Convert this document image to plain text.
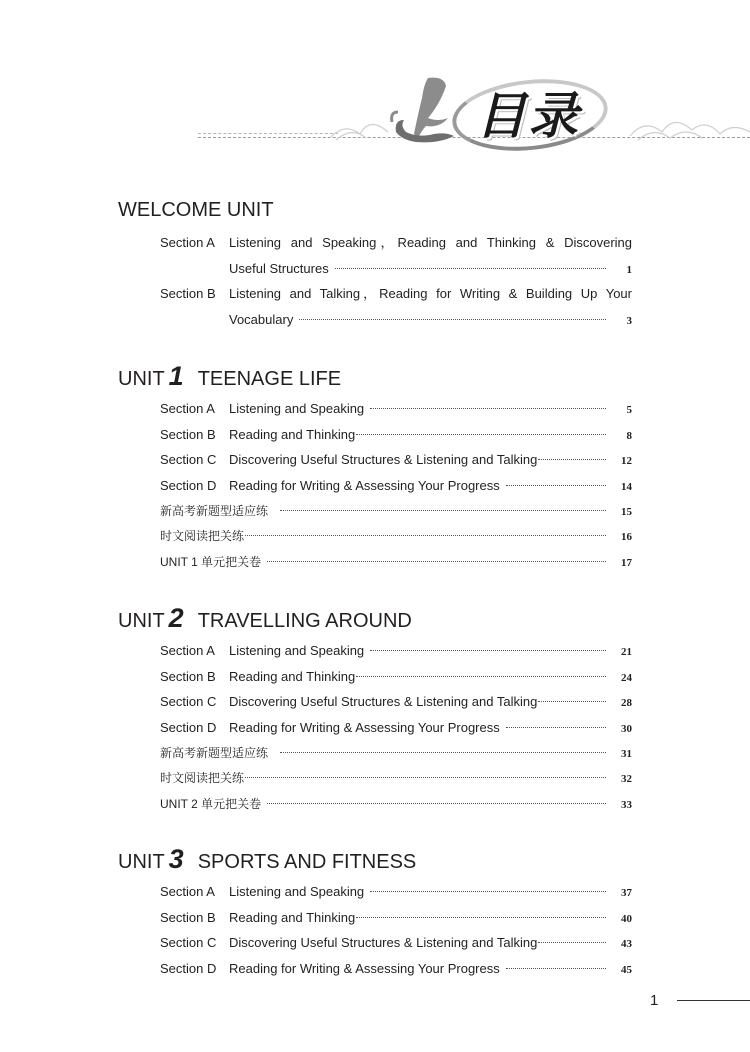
目录
WELCOME UNIT
Section A	Listening and Speaking，Reading and Thinking & Discovering
Useful Structures	1
Section B	Listening and Talking，Reading for Writing & Building Up Your
Vocabulary	3
UNIT 1 TEENAGE LIFE
Section A	Listening and Speaking	5
Section B	Reading and Thinking	8
Section C Discovering Useful Structures & Listening and Talking	12
Section D Reading for Writing & Assessing Your Progress	14
新高考新题型适应练	15
时文阅读把关练	16
UNIT 1 单元把关卷	17
UNIT 2 TRAVELLING AROUND
Section A	Listening and Speaking	21
Section B	Reading and Thinking	24
Section C Discovering Useful Structures & Listening and Talking	28
Section D Reading for Writing & Assessing Your Progress	30
新高考新题型适应练	31
时文阅读把关练	32
UNIT 2 单元把关卷	33
UNIT 3 SPORTS AND FITNESS
Section A	Listening and Speaking	37
Section B	Reading and Thinking	40
Section C Discovering Useful Structures & Listening and Talking	43
Section D Reading for Writing & Assessing Your Progress	45
1
